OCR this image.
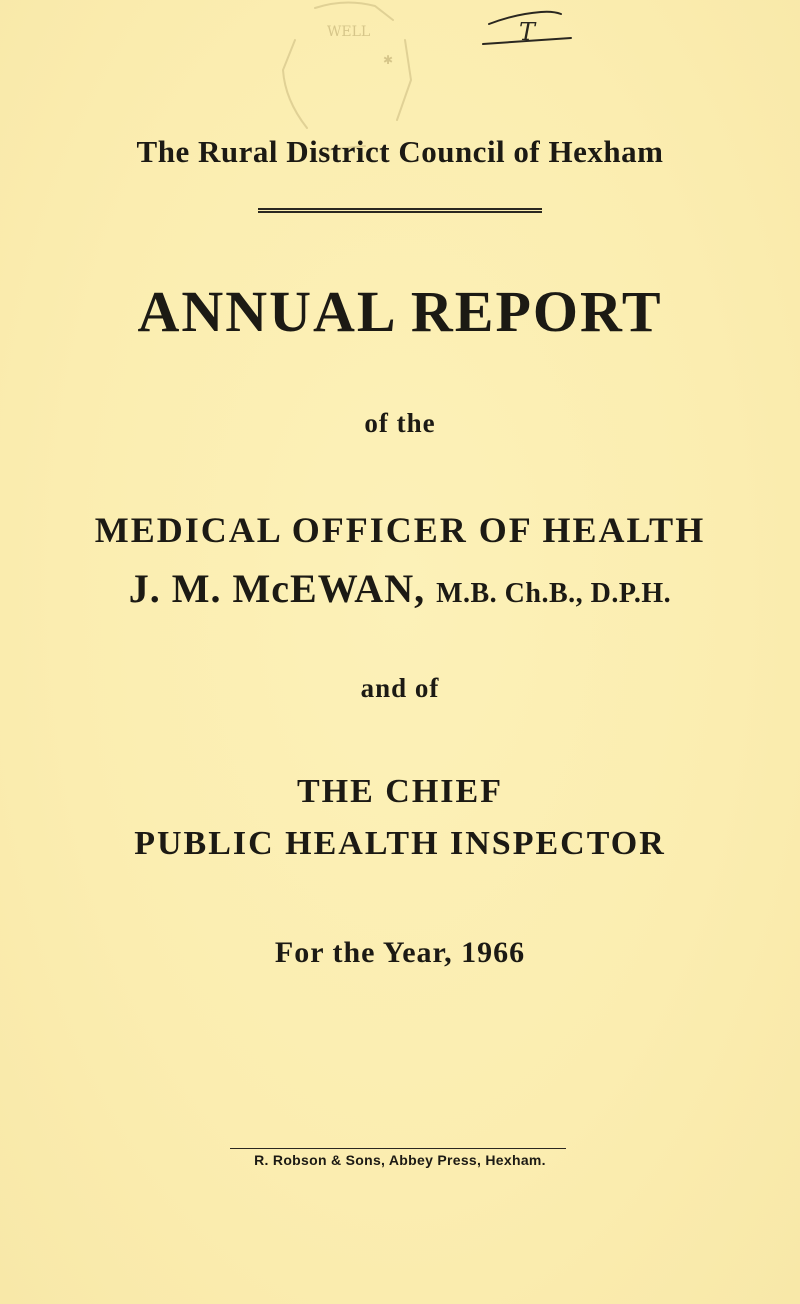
WELL
✱
T
The Rural District Council of Hexham
ANNUAL REPORT
of the
MEDICAL OFFICER OF HEALTH
J. M. McEWAN, M.B. Ch.B., D.P.H.
and of
THE CHIEF
PUBLIC HEALTH INSPECTOR
For the Year, 1966
R. Robson & Sons, Abbey Press, Hexham.
